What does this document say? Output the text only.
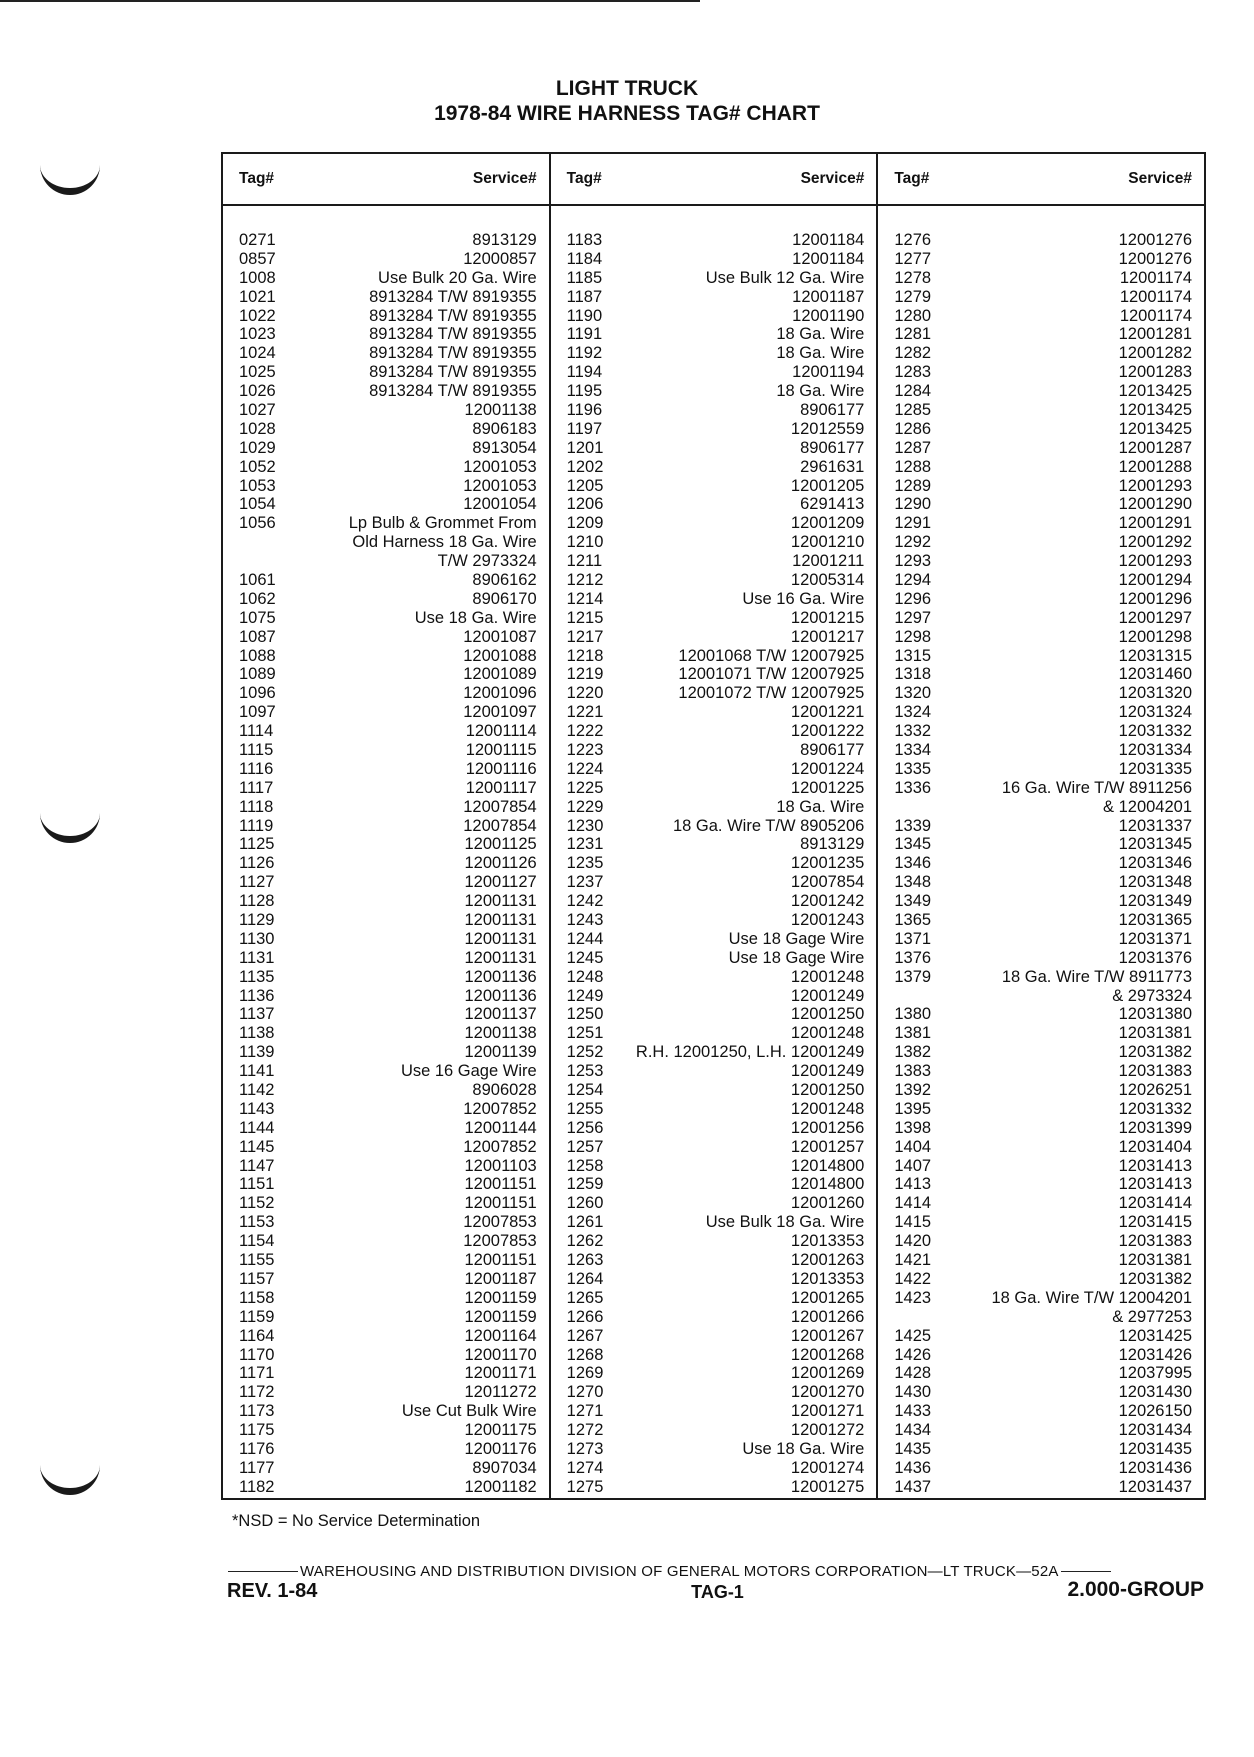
LIGHT TRUCK
1978-84 WIRE HARNESS TAG# CHART
Tag#	Service#
0271	8913129
0857	12000857
1008	Use Bulk 20 Ga. Wire
1021	8913284 T/W 8919355
1022	8913284 T/W 8919355
1023	8913284 T/W 8919355
1024	8913284 T/W 8919355
1025	8913284 T/W 8919355
1026	8913284 T/W 8919355
1027	12001138
1028	8906183
1029	8913054
1052	12001053
1053	12001053
1054	12001054
1056	Lp Bulb & Grommet From
Old Harness 18 Ga. Wire
T/W 2973324
1061	8906162
1062	8906170
1075	Use 18 Ga. Wire
1087	12001087
1088	12001088
1089	12001089
1096	12001096
1097	12001097
1114	12001114
1115	12001115
1116	12001116
1117	12001117
1118	12007854
1119	12007854
1125	12001125
1126	12001126
1127	12001127
1128	12001131
1129	12001131
1130	12001131
1131	12001131
1135	12001136
1136	12001136
1137	12001137
1138	12001138
1139	12001139
1141	Use 16 Gage Wire
1142	8906028
1143	12007852
1144	12001144
1145	12007852
1147	12001103
1151	12001151
1152	12001151
1153	12007853
1154	12007853
1155	12001151
1157	12001187
1158	12001159
1159	12001159
1164	12001164
1170	12001170
1171	12001171
1172	12011272
1173	Use Cut Bulk Wire
1175	12001175
1176	12001176
1177	8907034
1182	12001182
Tag#	Service#
1183	12001184
1184	12001184
1185	Use Bulk 12 Ga. Wire
1187	12001187
1190	12001190
1191	18 Ga. Wire
1192	18 Ga. Wire
1194	12001194
1195	18 Ga. Wire
1196	8906177
1197	12012559
1201	8906177
1202	2961631
1205	12001205
1206	6291413
1209	12001209
1210	12001210
1211	12001211
1212	12005314
1214	Use 16 Ga. Wire
1215	12001215
1217	12001217
1218	12001068 T/W 12007925
1219	12001071 T/W 12007925
1220	12001072 T/W 12007925
1221	12001221
1222	12001222
1223	8906177
1224	12001224
1225	12001225
1229	18 Ga. Wire
1230	18 Ga. Wire T/W 8905206
1231	8913129
1235	12001235
1237	12007854
1242	12001242
1243	12001243
1244	Use 18 Gage Wire
1245	Use 18 Gage Wire
1248	12001248
1249	12001249
1250	12001250
1251	12001248
1252	R.H. 12001250, L.H. 12001249
1253	12001249
1254	12001250
1255	12001248
1256	12001256
1257	12001257
1258	12014800
1259	12014800
1260	12001260
1261	Use Bulk 18 Ga. Wire
1262	12013353
1263	12001263
1264	12013353
1265	12001265
1266	12001266
1267	12001267
1268	12001268
1269	12001269
1270	12001270
1271	12001271
1272	12001272
1273	Use 18 Ga. Wire
1274	12001274
1275	12001275
Tag#	Service#
1276	12001276
1277	12001276
1278	12001174
1279	12001174
1280	12001174
1281	12001281
1282	12001282
1283	12001283
1284	12013425
1285	12013425
1286	12013425
1287	12001287
1288	12001288
1289	12001293
1290	12001290
1291	12001291
1292	12001292
1293	12001293
1294	12001294
1296	12001296
1297	12001297
1298	12001298
1315	12031315
1318	12031460
1320	12031320
1324	12031324
1332	12031332
1334	12031334
1335	12031335
1336	16 Ga. Wire T/W 8911256
& 12004201
1339	12031337
1345	12031345
1346	12031346
1348	12031348
1349	12031349
1365	12031365
1371	12031371
1376	12031376
1379	18 Ga. Wire T/W 8911773
& 2973324
1380	12031380
1381	12031381
1382	12031382
1383	12031383
1392	12026251
1395	12031332
1398	12031399
1404	12031404
1407	12031413
1413	12031413
1414	12031414
1415	12031415
1420	12031383
1421	12031381
1422	12031382
1423	18 Ga. Wire T/W 12004201
& 2977253
1425	12031425
1426	12031426
1428	12037995
1430	12031430
1433	12026150
1434	12031434
1435	12031435
1436	12031436
1437	12031437
*NSD = No Service Determination
WAREHOUSING AND DISTRIBUTION DIVISION OF GENERAL MOTORS CORPORATION—LT TRUCK—52A
REV. 1-84	TAG-1	2.000-GROUP
